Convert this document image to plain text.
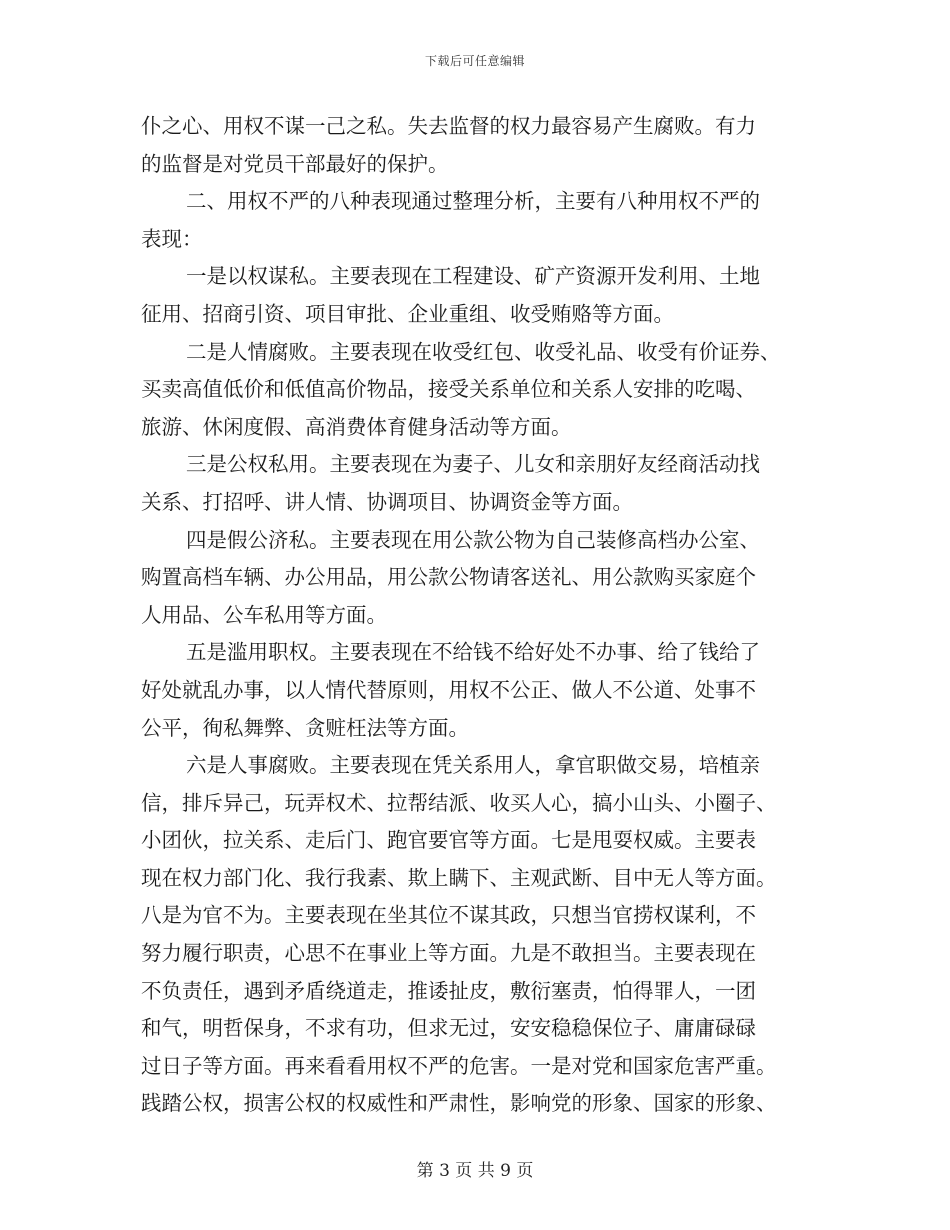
下载后可任意编辑
仆之心、用权不谋一己之私。失去监督的权力最容易产生腐败。有力
的监督是对党员干部最好的保护。
二、用权不严的八种表现通过整理分析，主要有八种用权不严的
表现：
一是以权谋私。主要表现在工程建设、矿产资源开发利用、土地
征用、招商引资、项目审批、企业重组、收受贿赂等方面。
二是人情腐败。主要表现在收受红包、收受礼品、收受有价证券、
买卖高值低价和低值高价物品，接受关系单位和关系人安排的吃喝、
旅游、休闲度假、高消费体育健身活动等方面。
三是公权私用。主要表现在为妻子、儿女和亲朋好友经商活动找
关系、打招呼、讲人情、协调项目、协调资金等方面。
四是假公济私。主要表现在用公款公物为自己装修高档办公室、
购置高档车辆、办公用品，用公款公物请客送礼、用公款购买家庭个
人用品、公车私用等方面。
五是滥用职权。主要表现在不给钱不给好处不办事、给了钱给了
好处就乱办事，以人情代替原则，用权不公正、做人不公道、处事不
公平，徇私舞弊、贪赃枉法等方面。
六是人事腐败。主要表现在凭关系用人，拿官职做交易，培植亲
信，排斥异己，玩弄权术、拉帮结派、收买人心，搞小山头、小圈子、
小团伙，拉关系、走后门、跑官要官等方面。七是甩耍权威。主要表
现在权力部门化、我行我素、欺上瞒下、主观武断、目中无人等方面。
八是为官不为。主要表现在坐其位不谋其政，只想当官捞权谋利，不
努力履行职责，心思不在事业上等方面。九是不敢担当。主要表现在
不负责任，遇到矛盾绕道走，推诿扯皮，敷衍塞责，怕得罪人，一团
和气，明哲保身，不求有功，但求无过，安安稳稳保位子、庸庸碌碌
过日子等方面。再来看看用权不严的危害。一是对党和国家危害严重。
践踏公权，损害公权的权威性和严肃性，影响党的形象、国家的形象、
第 3 页 共 9 页
